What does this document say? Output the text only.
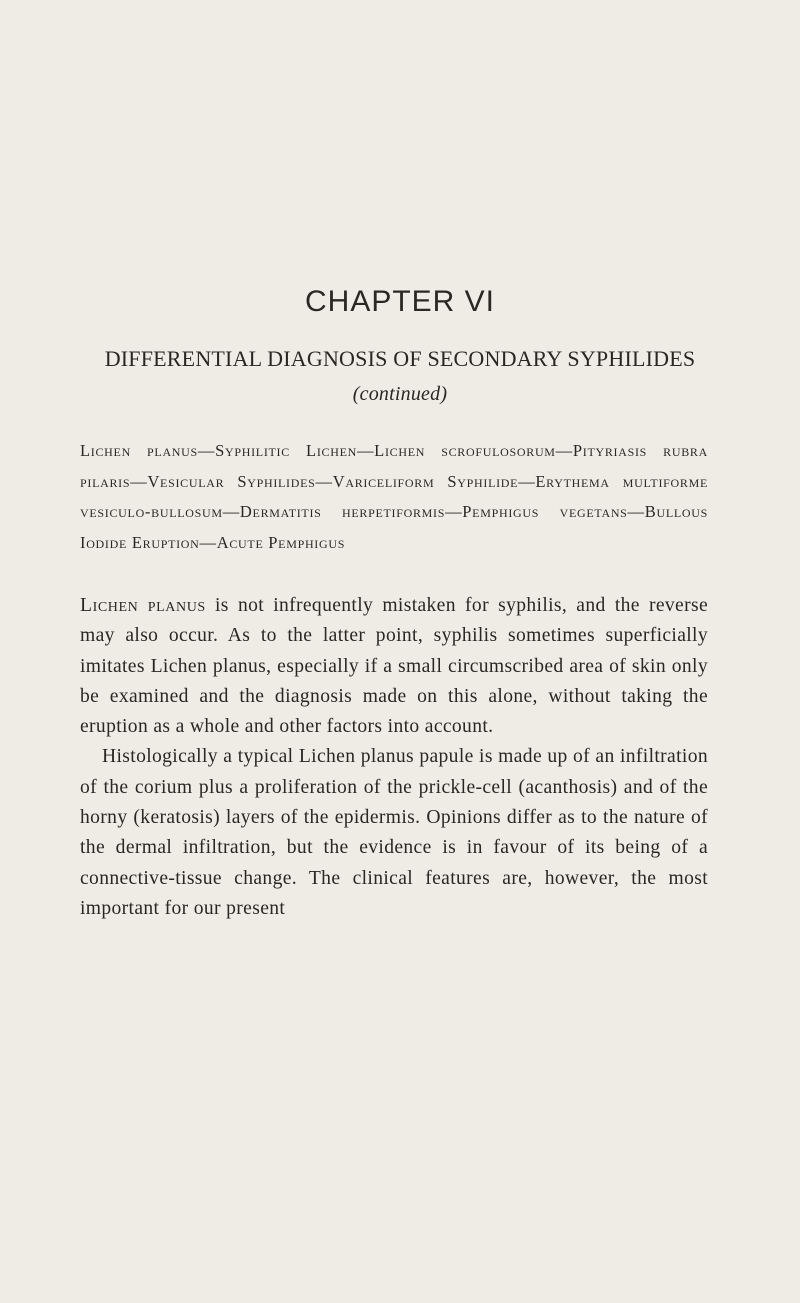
CHAPTER VI
DIFFERENTIAL DIAGNOSIS OF SECONDARY SYPHILIDES (continued)
Lichen planus—Syphilitic Lichen—Lichen scrofulosorum—Pityriasis rubra pilaris—Vesicular Syphilides—Variceliform Syphilide—Erythema multiforme vesiculo-bullosum—Dermatitis herpetiformis—Pemphigus vegetans—Bullous Iodide Eruption—Acute Pemphigus

Lichen planus is not infrequently mistaken for syphilis, and the reverse may also occur. As to the latter point, syphilis sometimes superficially imitates Lichen planus, especially if a small circumscribed area of skin only be examined and the diagnosis made on this alone, without taking the eruption as a whole and other factors into account.

Histologically a typical Lichen planus papule is made up of an infiltration of the corium plus a proliferation of the prickle-cell (acanthosis) and of the horny (keratosis) layers of the epidermis. Opinions differ as to the nature of the dermal infiltration, but the evidence is in favour of its being of a connective-tissue change. The clinical features are, however, the most important for our present
